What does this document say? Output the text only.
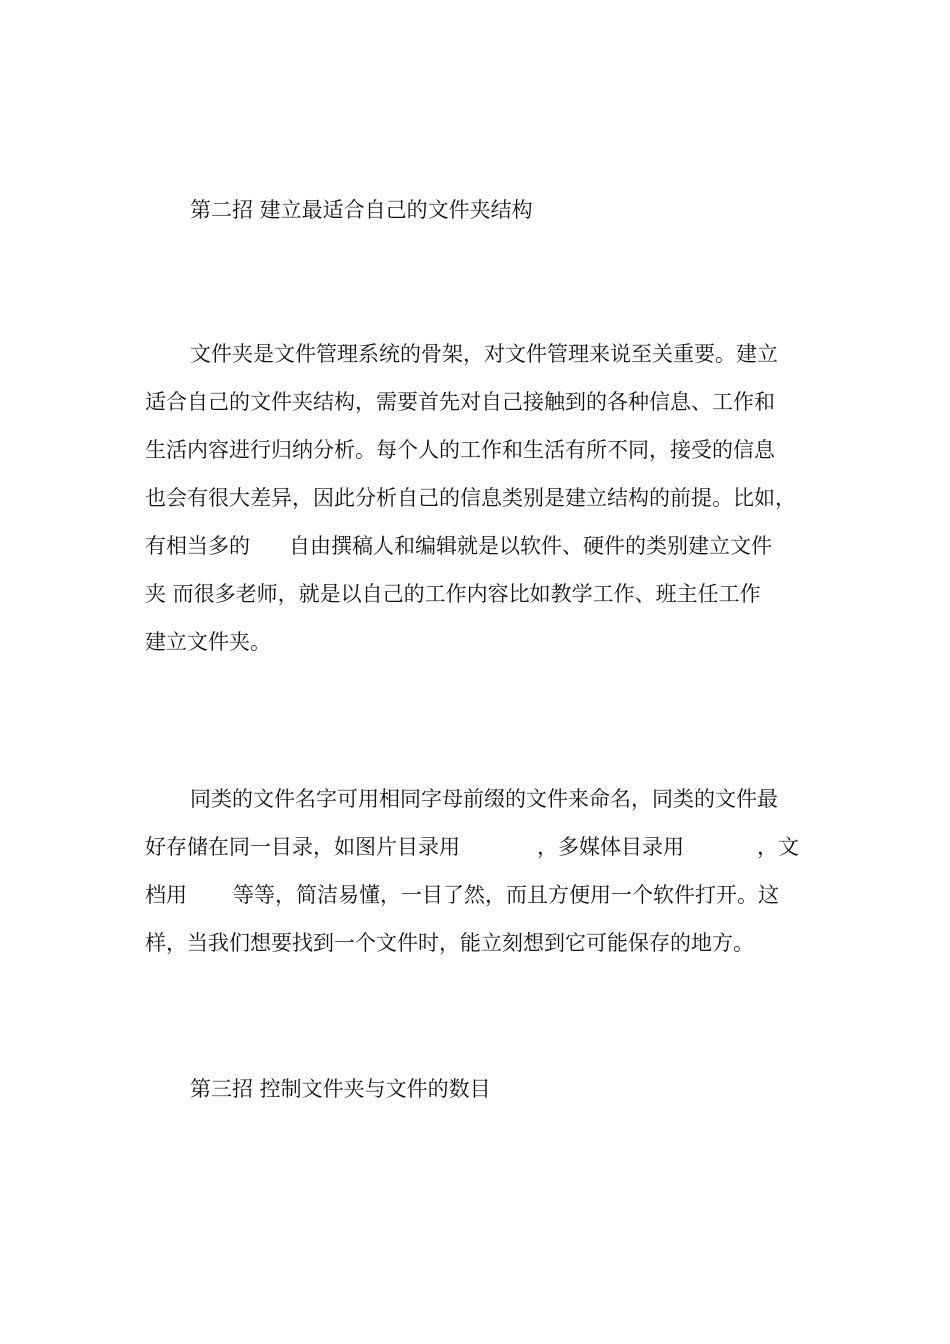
第二招 建立最适合自己的文件夹结构
文件夹是文件管理系统的骨架，对文件管理来说至关重要。建立
适合自己的文件夹结构，需要首先对自己接触到的各种信息、工作和
生活内容进行归纳分析。每个人的工作和生活有所不同，接受的信息
也会有很大差异，因此分析自己的信息类别是建立结构的前提。比如，
有相当多的 自由撰稿人和编辑就是以软件、硬件的类别建立文件
夹 而很多老师，就是以自己的工作内容比如教学工作、班主任工作
建立文件夹。
同类的文件名字可用相同字母前缀的文件来命名，同类的文件最
好存储在同一目录，如图片目录用	，多媒体目录用	，文
档用 等等，简洁易懂，一目了然，而且方便用一个软件打开。这
样，当我们想要找到一个文件时，能立刻想到它可能保存的地方。
第三招 控制文件夹与文件的数目
